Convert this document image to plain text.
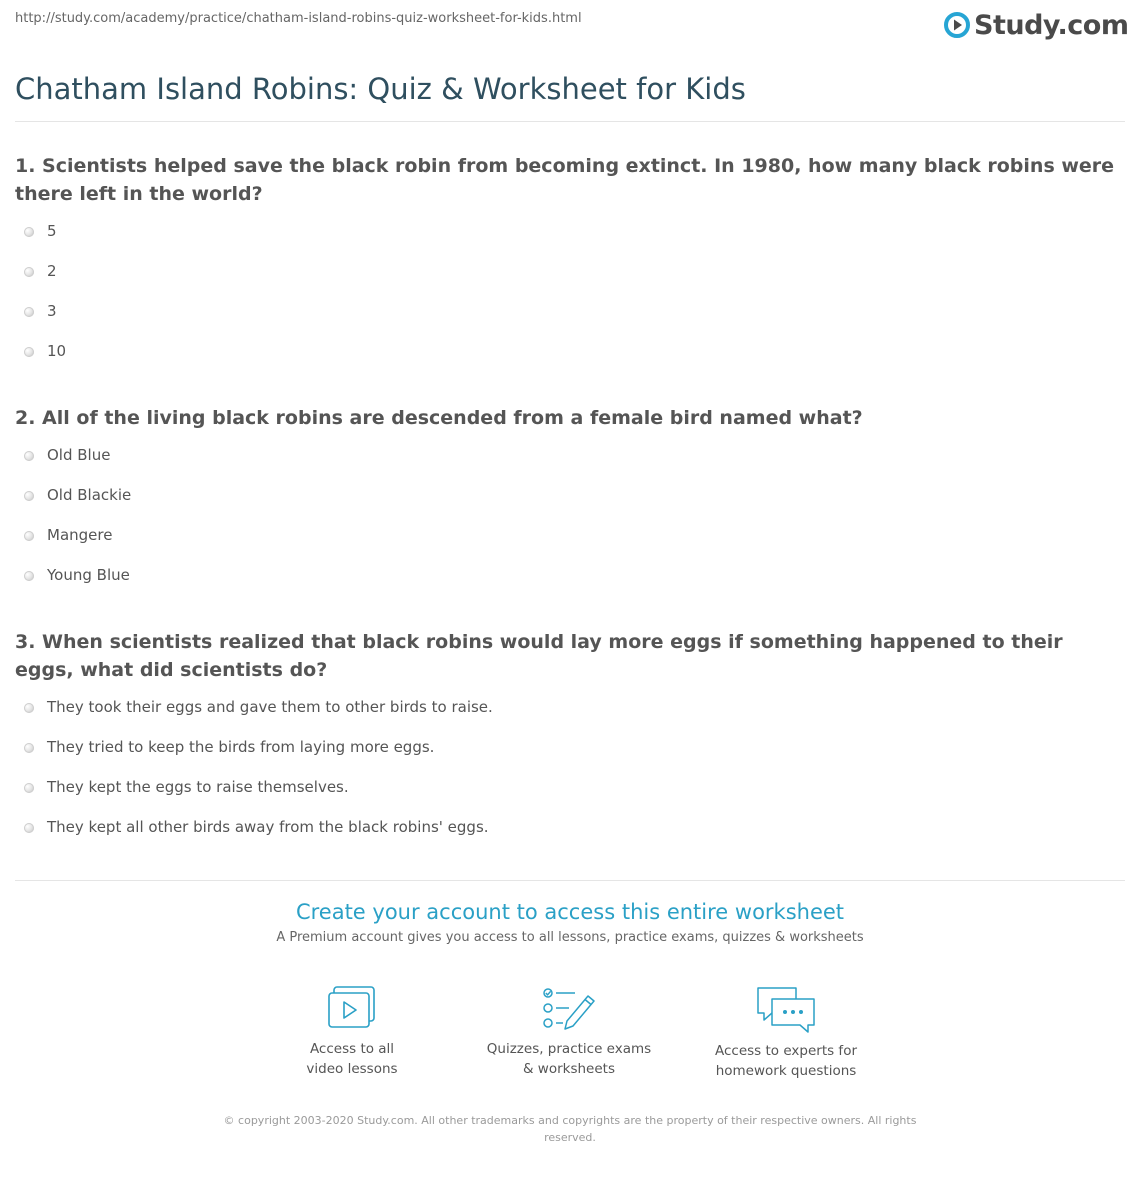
http://study.com/academy/practice/chatham-island-robins-quiz-worksheet-for-kids.html	Study.com
Chatham Island Robins: Quiz & Worksheet for Kids

1. Scientists helped save the black robin from becoming extinct. In 1980, how many black robins were there left in the world?

5
2
3
10

2. All of the living black robins are descended from a female bird named what?

Old Blue
Old Blackie
Mangere
Young Blue

3. When scientists realized that black robins would lay more eggs if something happened to their eggs, what did scientists do?

They took their eggs and gave them to other birds to raise.
They tried to keep the birds from laying more eggs.
They kept the eggs to raise themselves.
They kept all other birds away from the black robins' eggs.
Create your account to access this entire worksheet
A Premium account gives you access to all lessons, practice exams, quizzes & worksheets
Access to all
video lessons
Quizzes, practice exams
& worksheets
Access to experts for
homework questions
© copyright 2003-2020 Study.com. All other trademarks and copyrights are the property of their respective owners. All rights reserved.
